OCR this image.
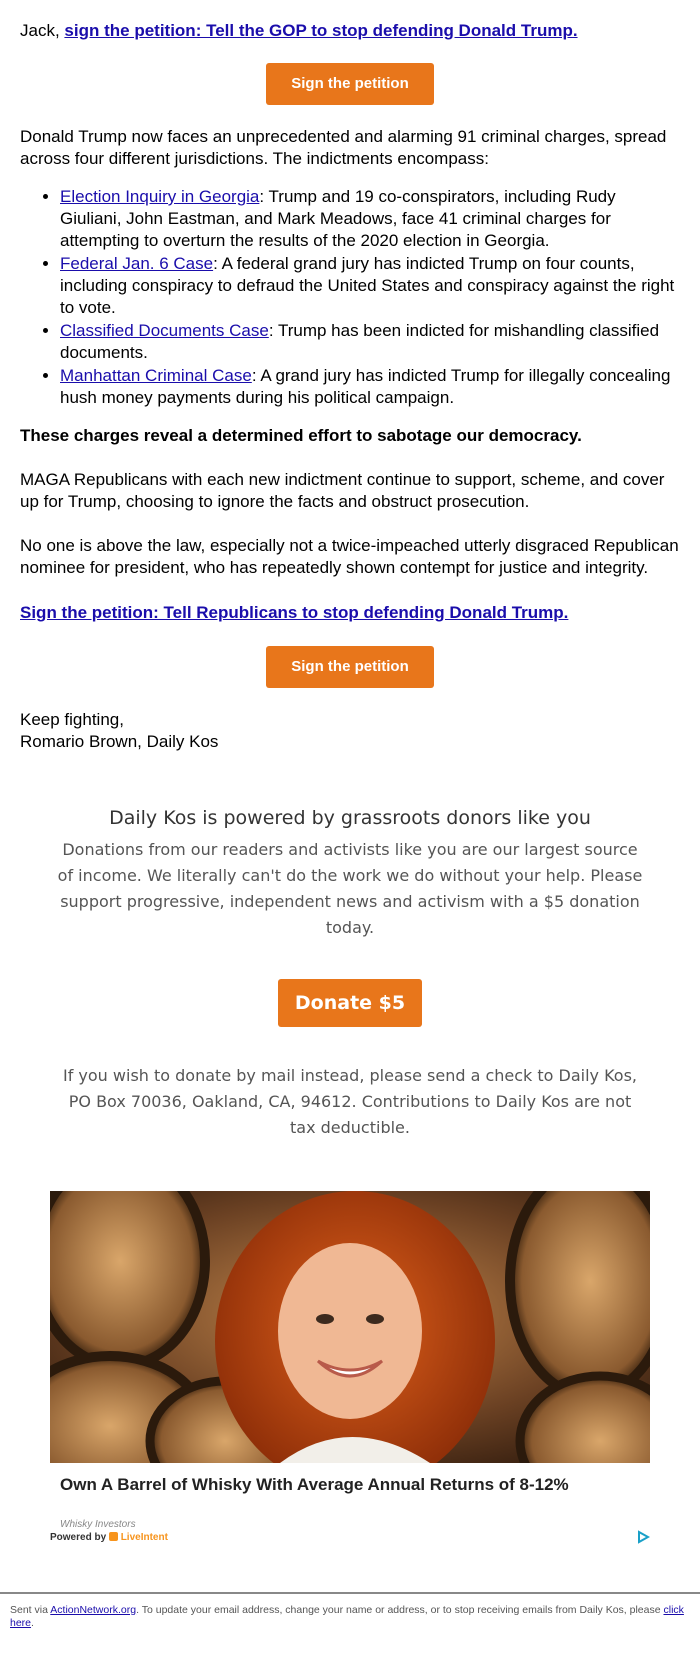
Jack, sign the petition: Tell the GOP to stop defending Donald Trump.

Sign the petition

Donald Trump now faces an unprecedented and alarming 91 criminal charges, spread across four different jurisdictions. The indictments encompass:

• Election Inquiry in Georgia: Trump and 19 co-conspirators, including Rudy Giuliani, John Eastman, and Mark Meadows, face 41 criminal charges for attempting to overturn the results of the 2020 election in Georgia.
• Federal Jan. 6 Case: A federal grand jury has indicted Trump on four counts, including conspiracy to defraud the United States and conspiracy against the right to vote.
• Classified Documents Case: Trump has been indicted for mishandling classified documents.
• Manhattan Criminal Case: A grand jury has indicted Trump for illegally concealing hush money payments during his political campaign.

These charges reveal a determined effort to sabotage our democracy.

MAGA Republicans with each new indictment continue to support, scheme, and cover up for Trump, choosing to ignore the facts and obstruct prosecution.

No one is above the law, especially not a twice-impeached utterly disgraced Republican nominee for president, who has repeatedly shown contempt for justice and integrity.

Sign the petition: Tell Republicans to stop defending Donald Trump.

Sign the petition

Keep fighting,
Romario Brown, Daily Kos

Daily Kos is powered by grassroots donors like you

Donations from our readers and activists like you are our largest source of income. We literally can't do the work we do without your help. Please support progressive, independent news and activism with a $5 donation today.

Donate $5

If you wish to donate by mail instead, please send a check to Daily Kos, PO Box 70036, Oakland, CA, 94612. Contributions to Daily Kos are not tax deductible.

Own A Barrel of Whisky With Average Annual Returns of 8-12%

Whisky Investors

Powered by LiveIntent
Sent via ActionNetwork.org. To update your email address, change your name or address, or to stop receiving emails from Daily Kos, please click here.
